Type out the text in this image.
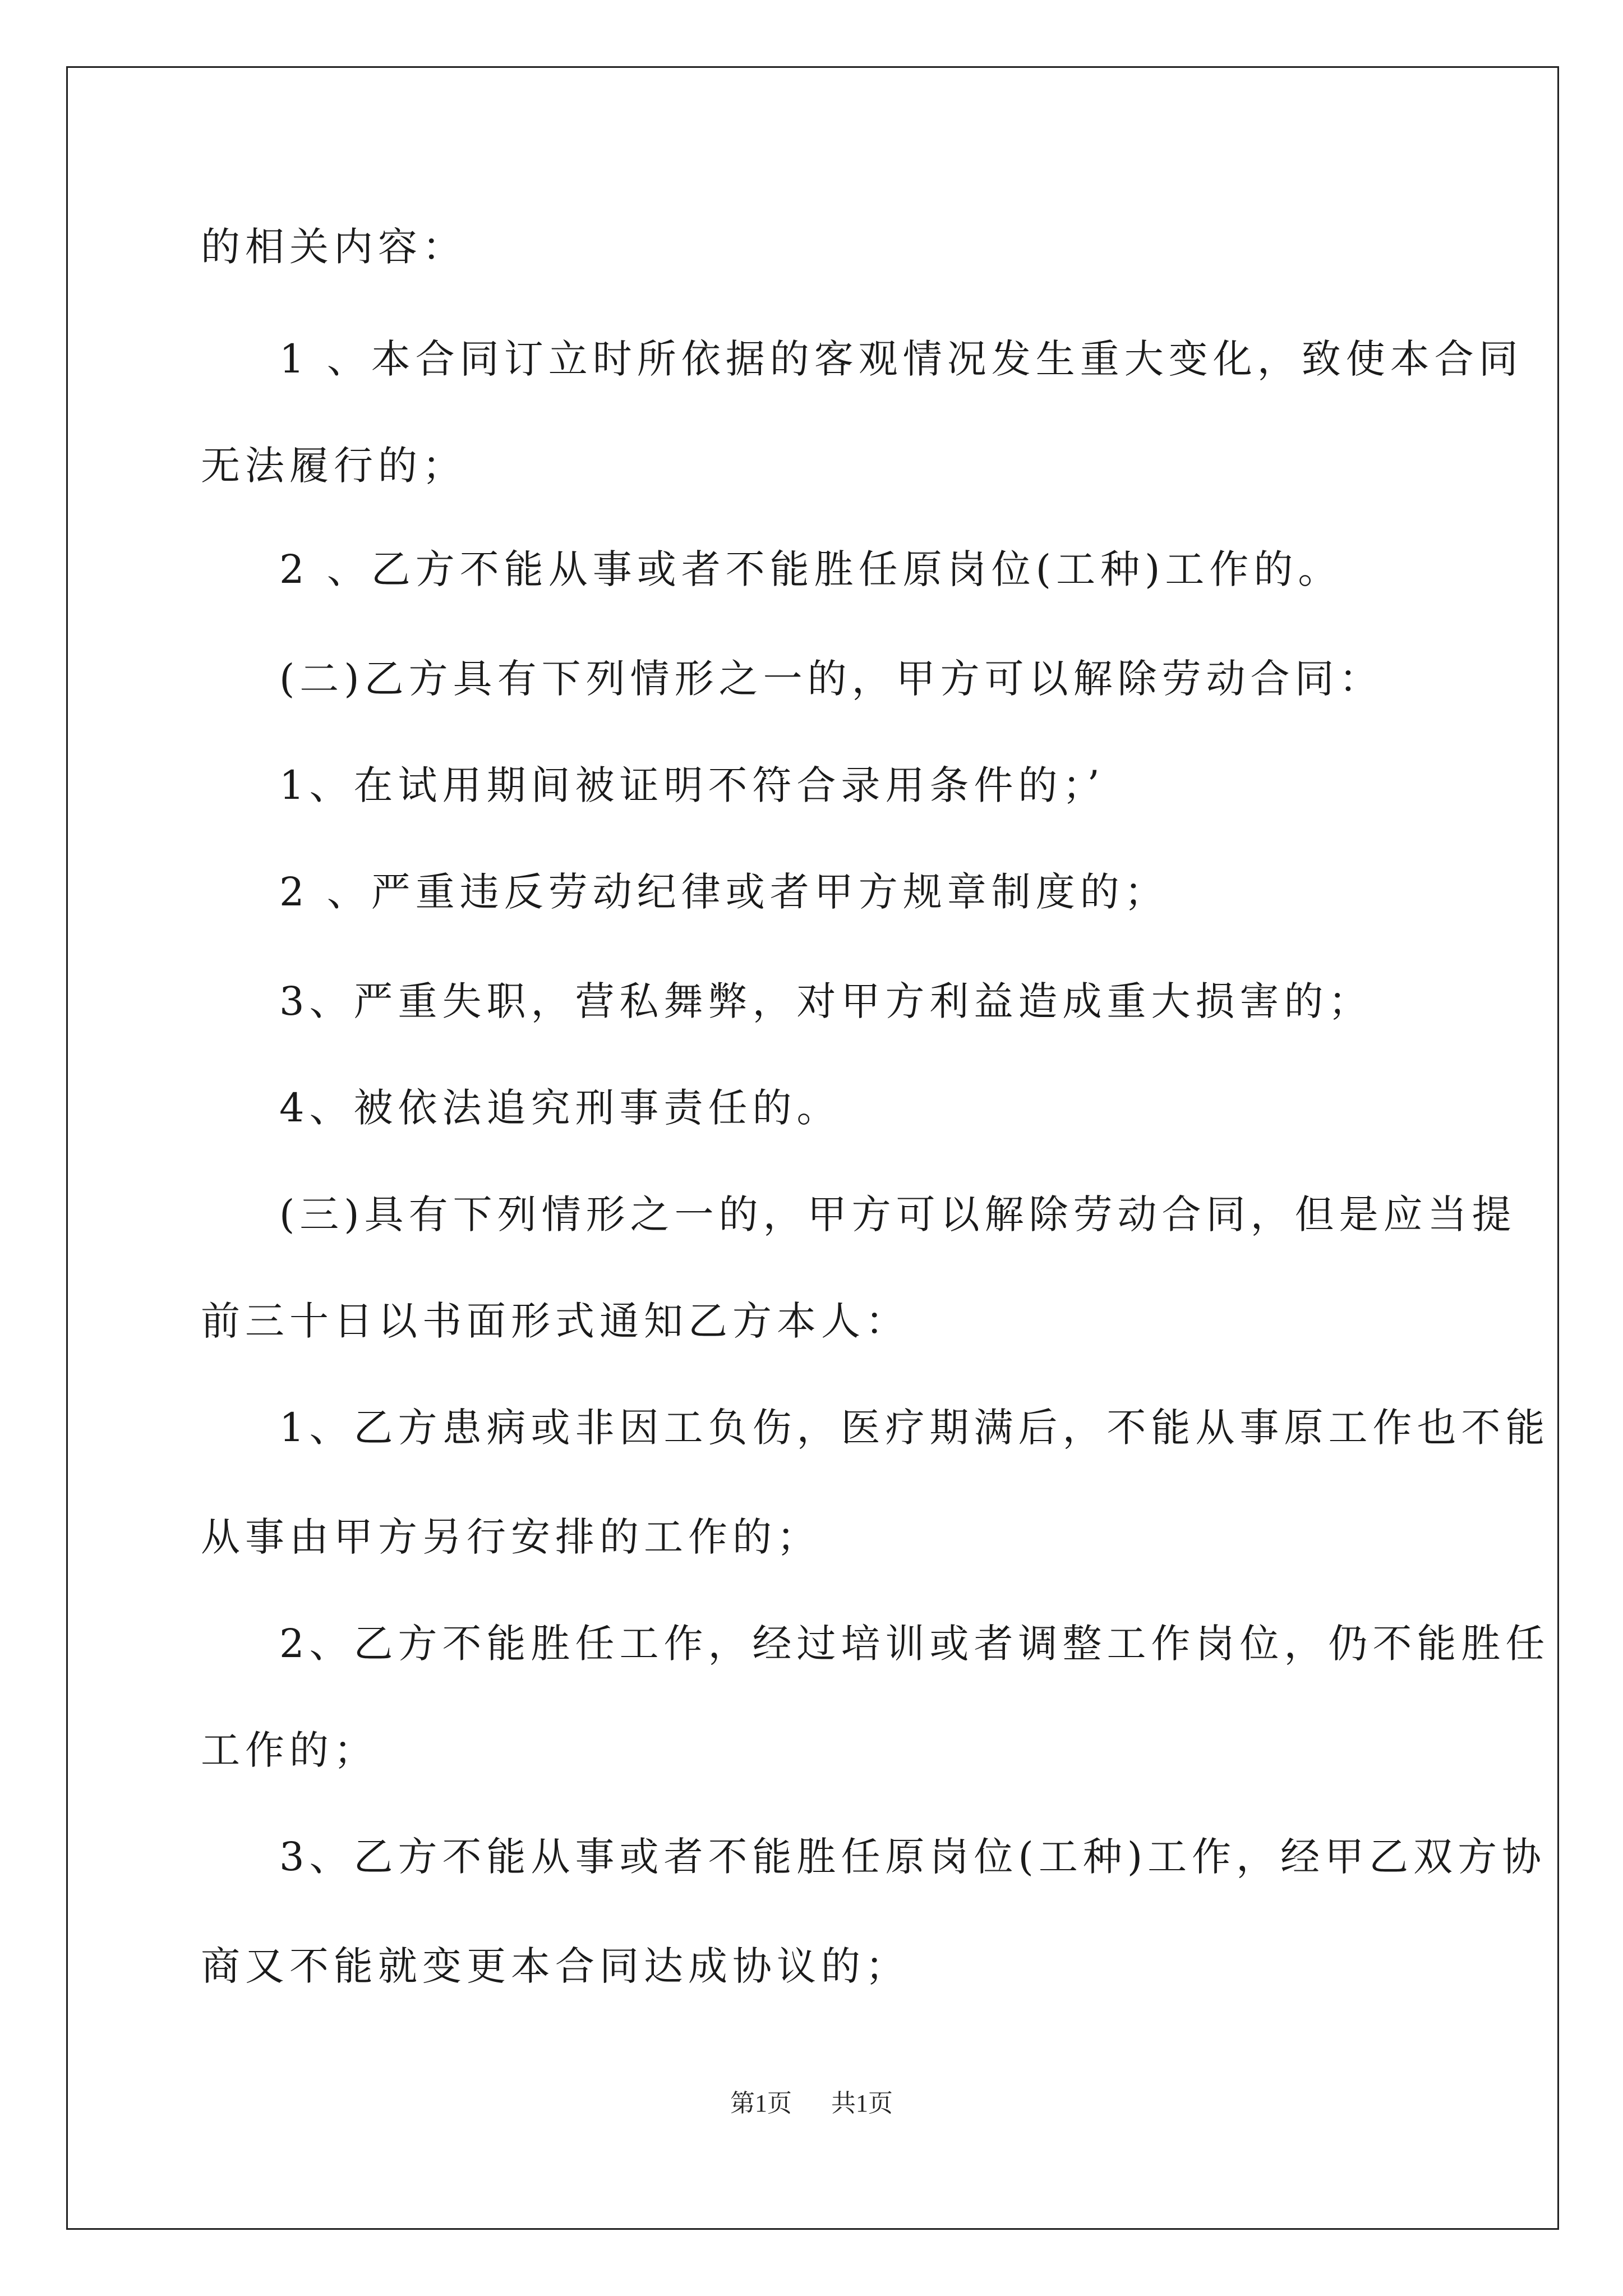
的相关内容：
1 、本合同订立时所依据的客观情况发生重大变化，致使本合同
无法履行的；
2 、乙方不能从事或者不能胜任原岗位(工种)工作的。
(二)乙方具有下列情形之一的，甲方可以解除劳动合同：
1、在试用期间被证明不符合录用条件的；’
2 、严重违反劳动纪律或者甲方规章制度的；
3、严重失职，营私舞弊，对甲方利益造成重大损害的；
4、被依法追究刑事责任的。
(三)具有下列情形之一的，甲方可以解除劳动合同，但是应当提
前三十日以书面形式通知乙方本人：
1、乙方患病或非因工负伤，医疗期满后，不能从事原工作也不能
从事由甲方另行安排的工作的；
2、乙方不能胜任工作，经过培训或者调整工作岗位，仍不能胜任
工作的；
3、乙方不能从事或者不能胜任原岗位(工种)工作，经甲乙双方协
商又不能就变更本合同达成协议的；
第1页 共1页
